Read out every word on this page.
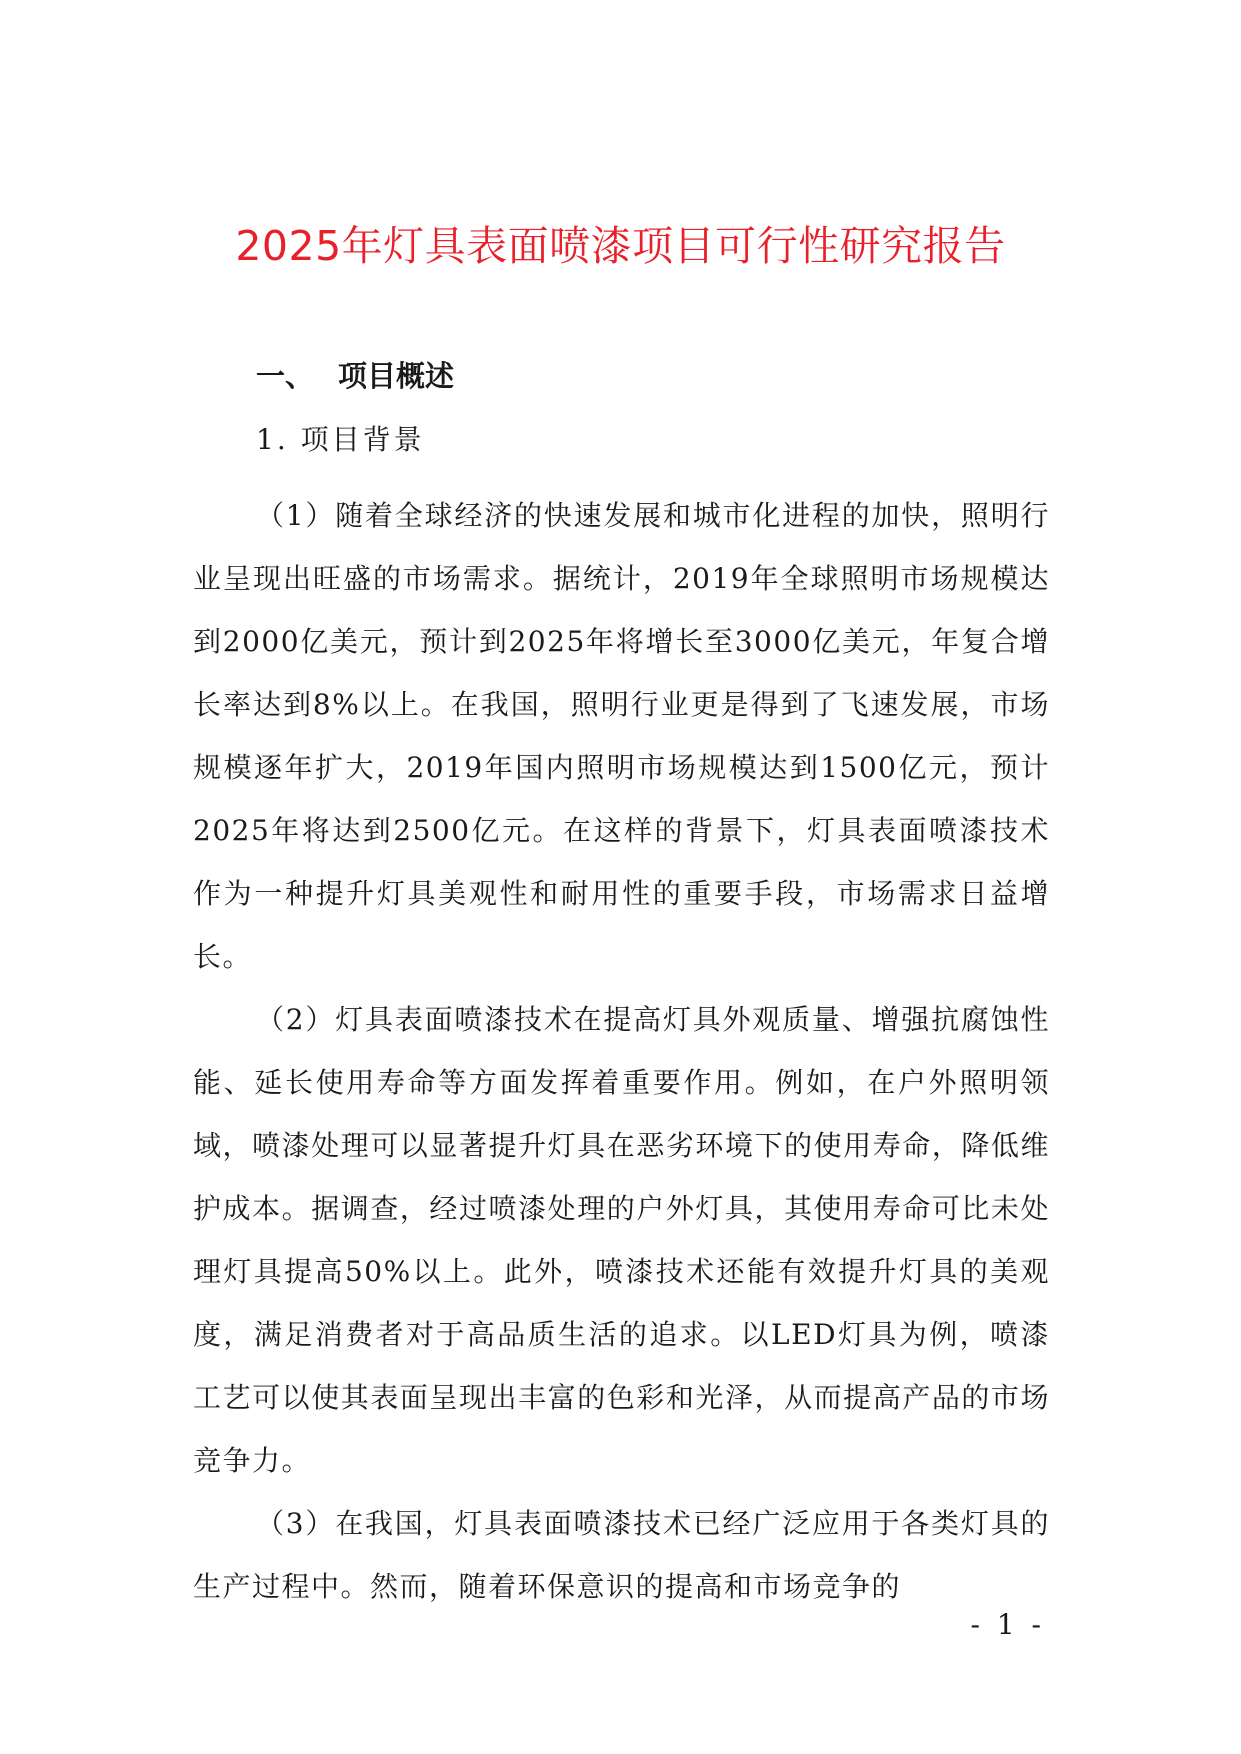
2025年灯具表面喷漆项目可行性研究报告
一、 项目概述

1. 项目背景

（1）随着全球经济的快速发展和城市化进程的加快，照明行业呈现出旺盛的市场需求。据统计，2019年全球照明市场规模达到2000亿美元，预计到2025年将增长至3000亿美元，年复合增长率达到8%以上。在我国，照明行业更是得到了飞速发展，市场规模逐年扩大，2019年国内照明市场规模达到1500亿元，预计2025年将达到2500亿元。在这样的背景下，灯具表面喷漆技术作为一种提升灯具美观性和耐用性的重要手段，市场需求日益增长。

（2）灯具表面喷漆技术在提高灯具外观质量、增强抗腐蚀性能、延长使用寿命等方面发挥着重要作用。例如，在户外照明领域，喷漆处理可以显著提升灯具在恶劣环境下的使用寿命，降低维护成本。据调查，经过喷漆处理的户外灯具，其使用寿命可比未处理灯具提高50%以上。此外，喷漆技术还能有效提升灯具的美观度，满足消费者对于高品质生活的追求。以LED灯具为例，喷漆工艺可以使其表面呈现出丰富的色彩和光泽，从而提高产品的市场竞争力。

（3）在我国，灯具表面喷漆技术已经广泛应用于各类灯具的生产过程中。然而，随着环保意识的提高和市场竞争的

- 1 -
